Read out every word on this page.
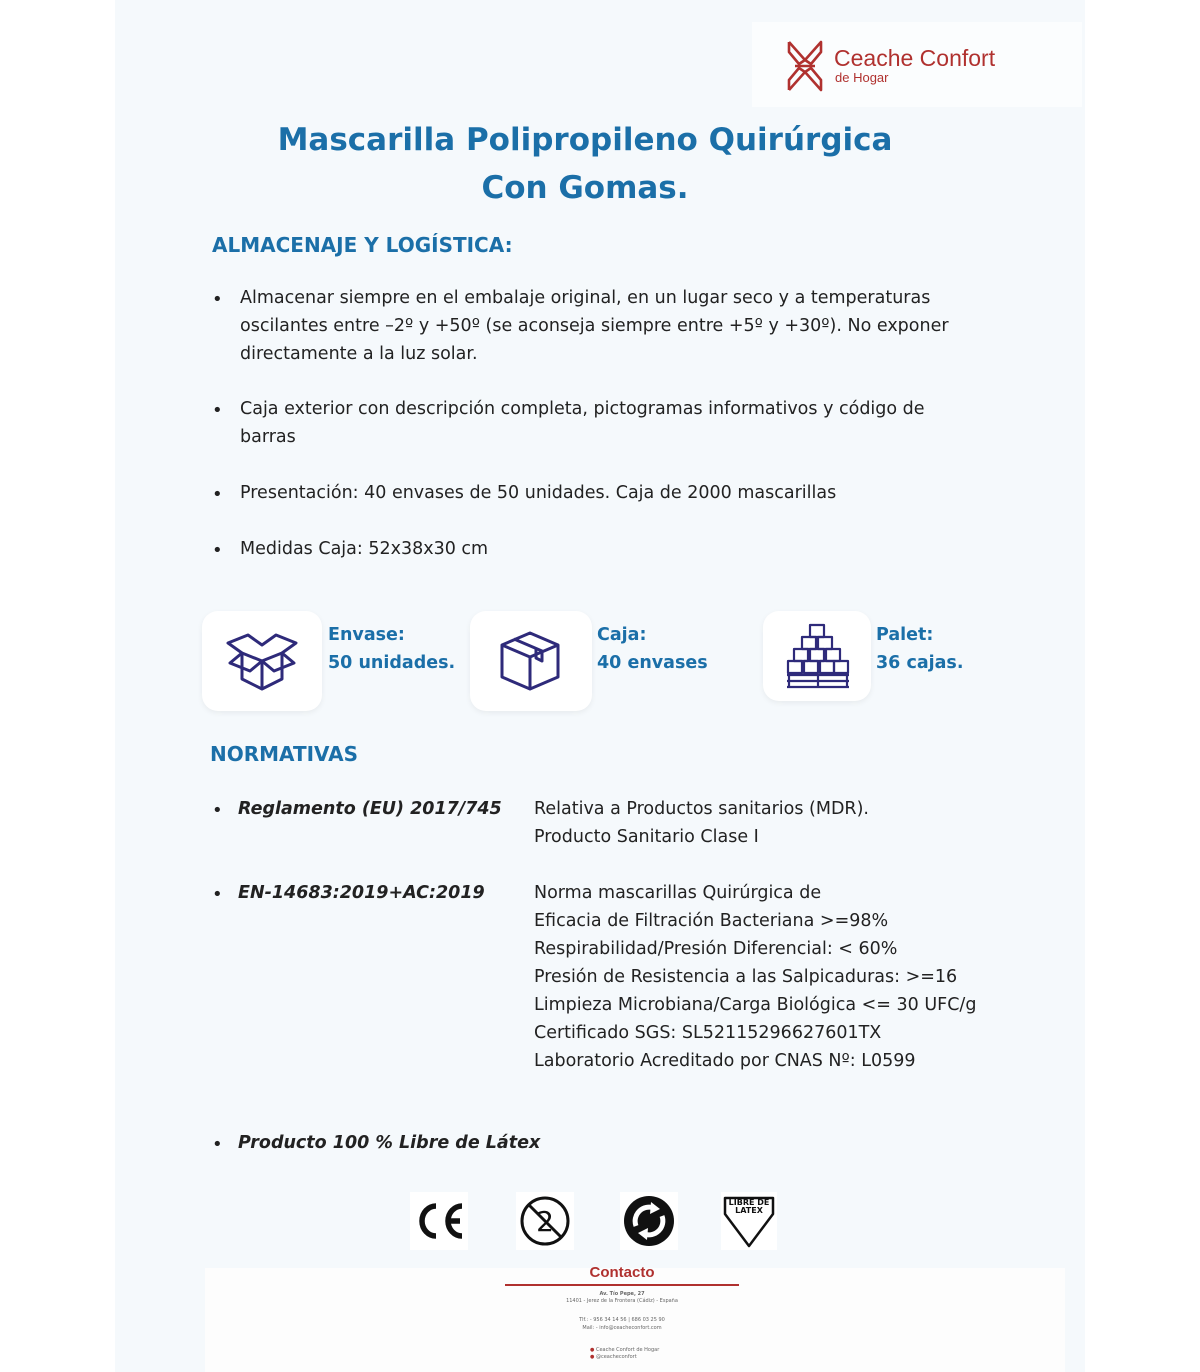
Ceache Confort
de Hogar
Mascarilla Polipropileno Quirúrgica
Con Gomas.
ALMACENAJE Y LOGÍSTICA:
• Almacenar siempre en el embalaje original, en un lugar seco y a temperaturas
oscilantes entre –2º y +50º (se aconseja siempre entre +5º y +30º). No exponer
directamente a la luz solar.
• Caja exterior con descripción completa, pictogramas informativos y código de
barras
• Presentación: 40 envases de 50 unidades. Caja de 2000 mascarillas
• Medidas Caja: 52x38x30 cm
Envase:
50 unidades.
Caja:
40 envases
Palet:
36 cajas.
NORMATIVAS
• Reglamento (EU) 2017/745 Relativa a Productos sanitarios (MDR).
Producto Sanitario Clase I
• EN-14683:2019+AC:2019	Norma mascarillas Quirúrgica de
Eficacia de Filtración Bacteriana >=98%
Respirabilidad/Presión Diferencial: < 60%
Presión de Resistencia a las Salpicaduras: >=16
Limpieza Microbiana/Carga Biológica <= 30 UFC/g
Certificado SGS: SL52115296627601TX
Laboratorio Acreditado por CNAS Nº: L0599
• Producto 100 % Libre de Látex
2
LIBRE DE LATEX
Contacto
Av. Tío Pepe, 27
11401 - Jerez de la Frontera (Cádiz) - España
Tlf.: - 956 34 14 56 | 686 03 25 90
Mail: - info@ceacheconfort.com
● Ceache Confort de Hogar
● @ceacheconfort
